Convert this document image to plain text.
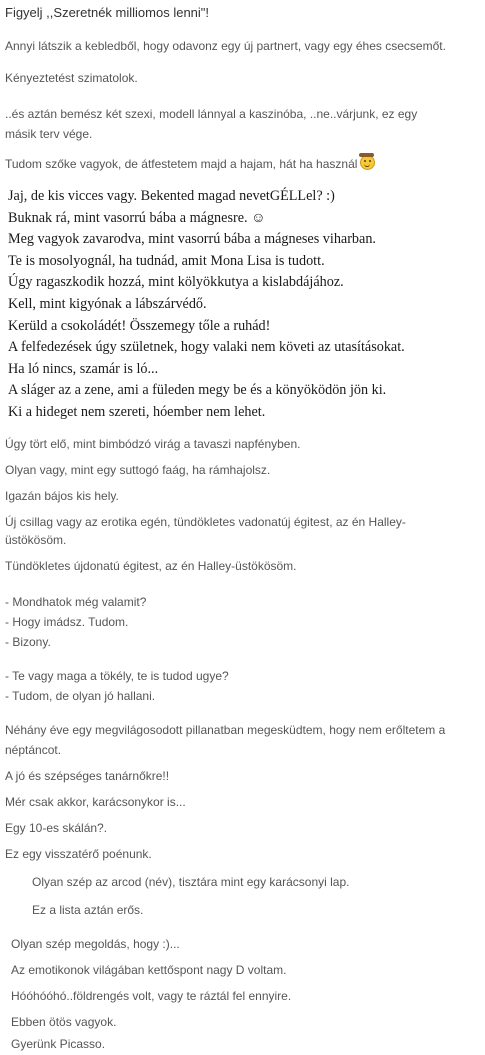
Figyelj ,,Szeretnék milliomos lenni"!
Annyi látszik a kebledből, hogy odavonz egy új partnert, vagy egy éhes csecsemőt.
Kényeztetést szimatolok.
..és aztán bemész két szexi, modell lánnyal a kaszinóba, ..ne..várjunk, ez egy másik terv vége.
Tudom szőke vagyok, de átfestetem majd a hajam, hát ha használ
Jaj, de kis vicces vagy. Bekented magad nevetGÉLLel? :)
Buknak rá, mint vasorrú bába a mágnesre. ☺
Meg vagyok zavarodva, mint vasorrú bába a mágneses viharban.
Te is mosolyognál, ha tudnád, amit Mona Lisa is tudott.
Úgy ragaszkodik hozzá, mint kölyökkutya a kislabdájához.
Kell, mint kigyónak a lábszárvédő.
Kerüld a csokoládét! Összemegy tőle a ruhád!
A felfedezések úgy születnek, hogy valaki nem követi az utasításokat.
Ha ló nincs, szamár is ló...
A sláger az a zene, ami a füleden megy be és a könyöködön jön ki.
Ki a hideget nem szereti, hóember nem lehet.
Úgy tört elő, mint bimbódzó virág a tavaszi napfényben.
Olyan vagy, mint egy suttogó faág, ha rámhajolsz.
Igazán bájos kis hely.
Új csillag vagy az erotika egén, tündökletes vadonatúj égitest, az én Halley-
üstökösöm.
Tündökletes újdonatú égitest, az én Halley-üstökösöm.
- Mondhatok még valamit?
- Hogy imádsz. Tudom.
- Bizony.
- Te vagy maga a tökély, te is tudod ugye?
- Tudom, de olyan jó hallani.
Néhány éve egy megvilágosodott pillanatban megesküdtem, hogy nem erőltetem a
néptáncot.
A jó és szépséges tanárnőkre!!
Mér csak akkor, karácsonykor is...
Egy 10-es skálán?.
Ez egy visszatérő poénunk.
Olyan szép az arcod (név), tisztára mint egy karácsonyi lap.
Ez a lista aztán erős.
Olyan szép megoldás, hogy :)...
Az emotikonok világában kettőspont nagy D voltam.
Hóóhóóhó..földrengés volt, vagy te ráztál fel ennyire.
Ebben ötös vagyok.
Gyerünk Picasso.
